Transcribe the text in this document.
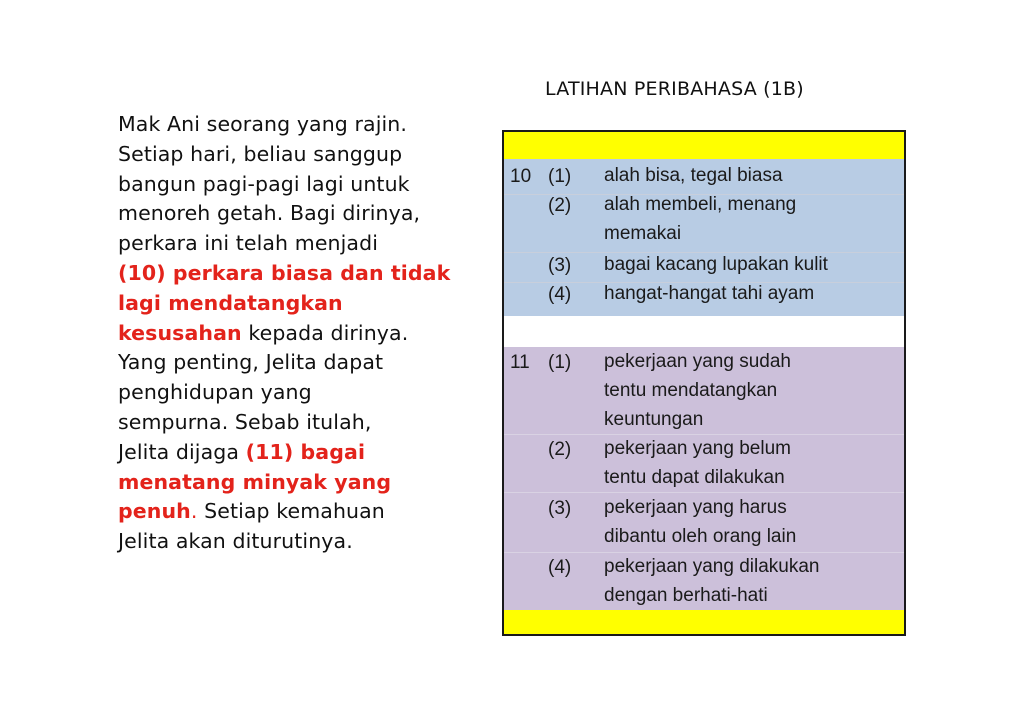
LATIHAN PERIBAHASA (1B)
Mak Ani seorang yang rajin.
Setiap hari, beliau sanggup
bangun pagi-pagi lagi untuk
menoreh getah. Bagi dirinya,
perkara ini telah menjadi
(10) perkara biasa dan tidak
lagi mendatangkan
kesusahan kepada dirinya.
Yang penting, Jelita dapat
penghidupan yang
sempurna. Sebab itulah,
Jelita dijaga (11) bagai
menatang minyak yang
penuh. Setiap kemahuan
Jelita akan diturutinya.
10 (1) alah bisa, tegal biasa
(2) alah membeli, menang
memakai
(3) bagai kacang lupakan kulit
(4) hangat-hangat tahi ayam
11 (1) pekerjaan yang sudah
tentu mendatangkan
keuntungan
(2) pekerjaan yang belum
tentu dapat dilakukan
(3) pekerjaan yang harus
dibantu oleh orang lain
(4) pekerjaan yang dilakukan
dengan berhati-hati
